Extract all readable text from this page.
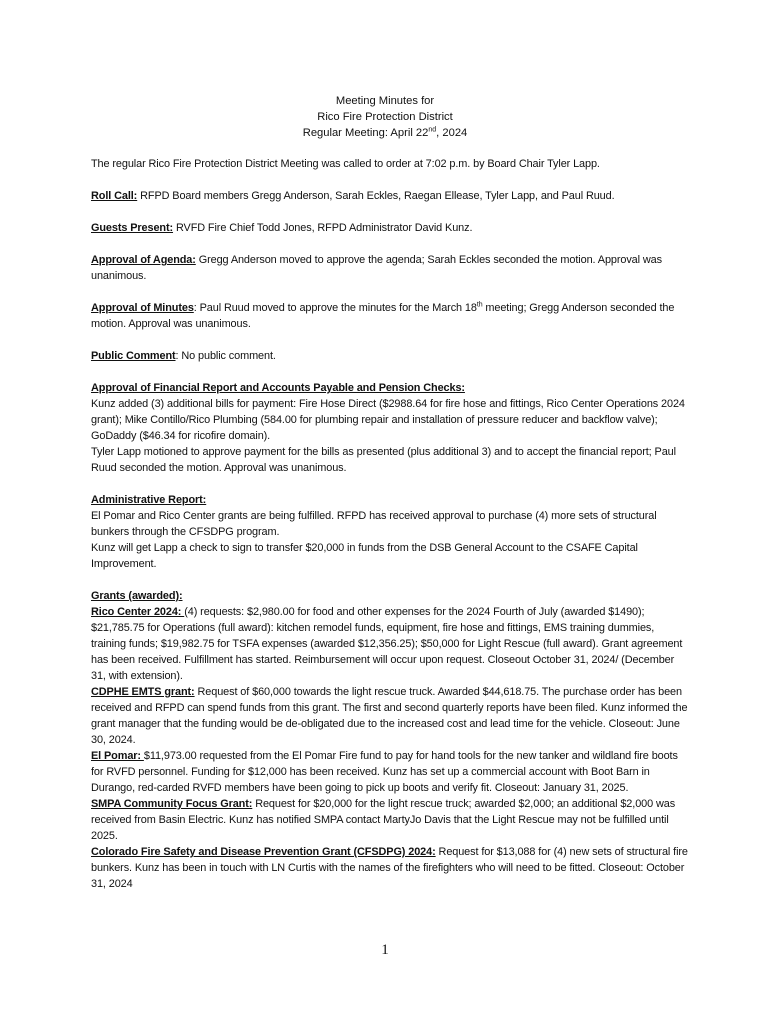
Meeting Minutes for
Rico Fire Protection District
Regular Meeting: April 22nd, 2024

The regular Rico Fire Protection District Meeting was called to order at 7:02 p.m. by Board Chair Tyler Lapp.

Roll Call: RFPD Board members Gregg Anderson, Sarah Eckles, Raegan Ellease, Tyler Lapp, and Paul Ruud.

Guests Present: RVFD Fire Chief Todd Jones, RFPD Administrator David Kunz.

Approval of Agenda: Gregg Anderson moved to approve the agenda; Sarah Eckles seconded the motion. Approval was unanimous.

Approval of Minutes: Paul Ruud moved to approve the minutes for the March 18th meeting; Gregg Anderson seconded the motion. Approval was unanimous.

Public Comment: No public comment.

Approval of Financial Report and Accounts Payable and Pension Checks:

Kunz added (3) additional bills for payment: Fire Hose Direct ($2988.64 for fire hose and fittings, Rico Center Operations 2024 grant); Mike Contillo/Rico Plumbing (584.00 for plumbing repair and installation of pressure reducer and backflow valve); GoDaddy ($46.34 for ricofire domain).

Tyler Lapp motioned to approve payment for the bills as presented (plus additional 3) and to accept the financial report; Paul Ruud seconded the motion. Approval was unanimous.

Administrative Report:

El Pomar and Rico Center grants are being fulfilled. RFPD has received approval to purchase (4) more sets of structural bunkers through the CFSDPG program.

Kunz will get Lapp a check to sign to transfer $20,000 in funds from the DSB General Account to the CSAFE Capital Improvement.

Grants (awarded):

Rico Center 2024: (4) requests: $2,980.00 for food and other expenses for the 2024 Fourth of July (awarded $1490); $21,785.75 for Operations (full award): kitchen remodel funds, equipment, fire hose and fittings, EMS training dummies, training funds; $19,982.75 for TSFA expenses (awarded $12,356.25); $50,000 for Light Rescue (full award). Grant agreement has been received. Fulfillment has started. Reimbursement will occur upon request. Closeout October 31, 2024/ (December 31, with extension).

CDPHE EMTS grant: Request of $60,000 towards the light rescue truck. Awarded $44,618.75. The purchase order has been received and RFPD can spend funds from this grant. The first and second quarterly reports have been filed. Kunz informed the grant manager that the funding would be de-obligated due to the increased cost and lead time for the vehicle. Closeout: June 30, 2024.

El Pomar: $11,973.00 requested from the El Pomar Fire fund to pay for hand tools for the new tanker and wildland fire boots for RVFD personnel. Funding for $12,000 has been received. Kunz has set up a commercial account with Boot Barn in Durango, red-carded RVFD members have been going to pick up boots and verify fit. Closeout: January 31, 2025.

SMPA Community Focus Grant: Request for $20,000 for the light rescue truck; awarded $2,000; an additional $2,000 was received from Basin Electric. Kunz has notified SMPA contact MartyJo Davis that the Light Rescue may not be fulfilled until 2025.

Colorado Fire Safety and Disease Prevention Grant (CFSDPG) 2024: Request for $13,088 for (4) new sets of structural fire bunkers. Kunz has been in touch with LN Curtis with the names of the firefighters who will need to be fitted. Closeout: October 31, 2024

1
